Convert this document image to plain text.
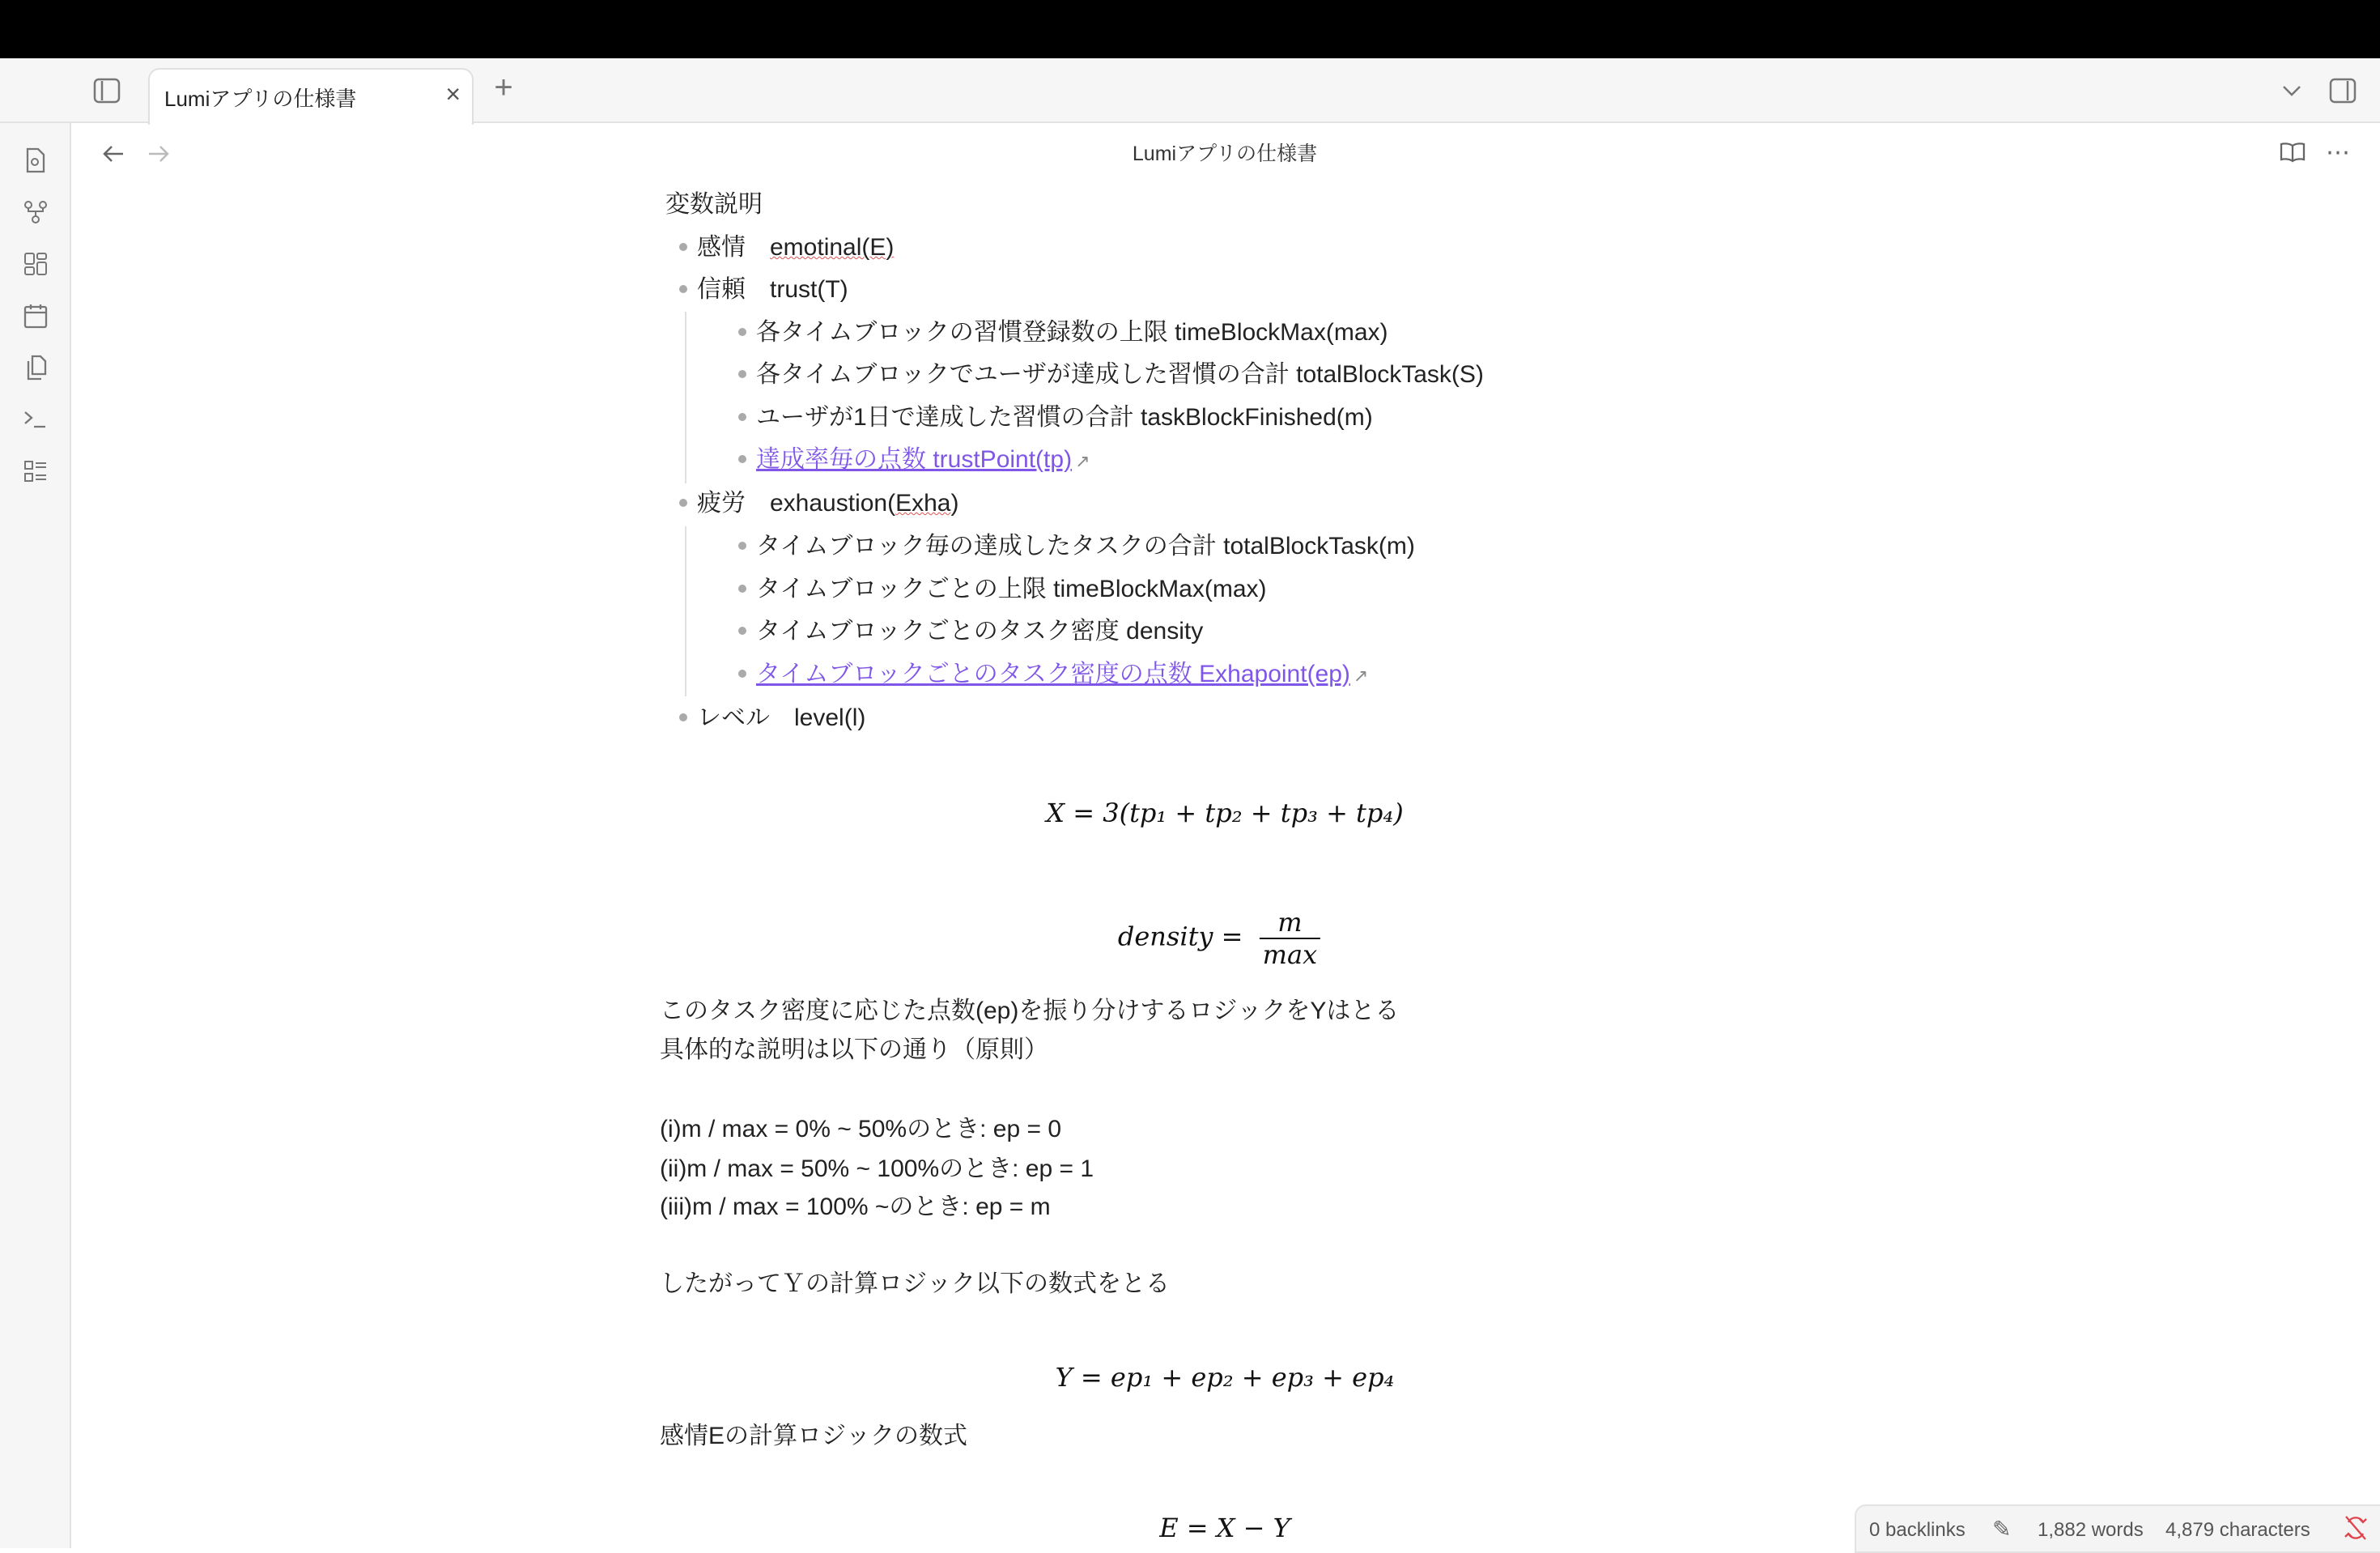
Lumiアプリの仕様書	× +
Lumiアプリの仕様書	⋯
変数説明
感情　emotinal(E)
信頼　trust(T)
各タイムブロックの習慣登録数の上限 timeBlockMax(max)
各タイムブロックでユーザが達成した習慣の合計 totalBlockTask(S)
ユーザが1日で達成した習慣の合計 taskBlockFinished(m)
達成率毎の点数 trustPoint(tp) ↗
疲労　exhaustion(Exha)
タイムブロック毎の達成したタスクの合計 totalBlockTask(m)
タイムブロックごとの上限 timeBlockMax(max)
タイムブロックごとのタスク密度 density
タイムブロックごとのタスク密度の点数 Exhapoint(ep) ↗
レベル　level(l)
X = 3(tp₁ + tp₂ + tp₃ + tp₄)
density = $\frac{m}{\max}$
このタスク密度に応じた点数(ep)を振り分けするロジックをYはとる
具体的な説明は以下の通り（原則）
(i)m / max = 0% ~ 50%のとき: ep = 0
(ii)m / max = 50% ~ 100%のとき: ep = 1
(iii)m / max = 100% ~のとき: ep = m
したがってＹの計算ロジック以下の数式をとる
Y = ep₁ + ep₂ + ep₃ + ep₄
感情Eの計算ロジックの数式
E = X − Y	0 backlinks ✎ 1,882 words 4,879 characters
